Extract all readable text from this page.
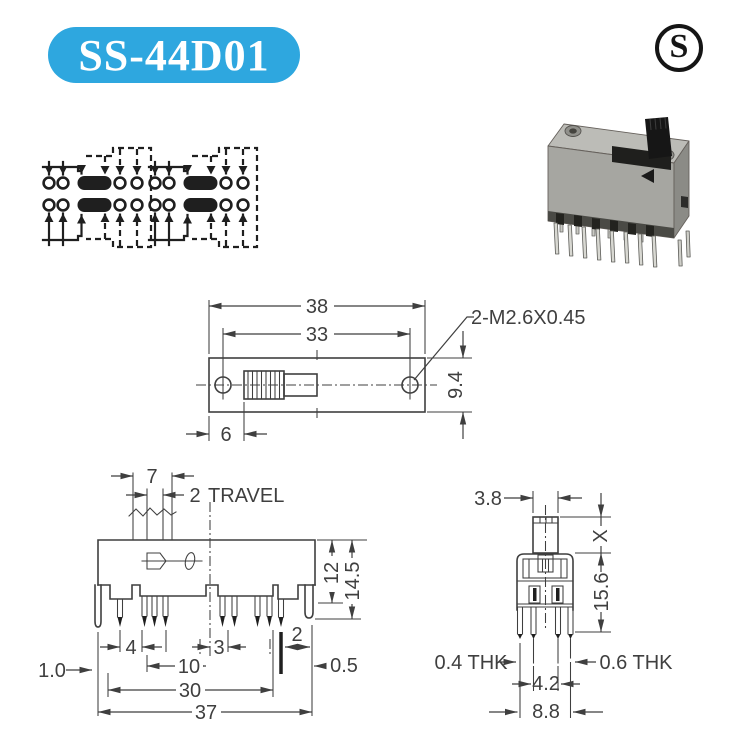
SS-44D01	S
38
33
9.4
2-M2.6X0.45
6
7
2 TRAVEL
12 14.5
4	3
2
10	0.5
30
37
1.0
3.8
X
15.6
0.4 THK	0.6 THK
4.2
8.8
